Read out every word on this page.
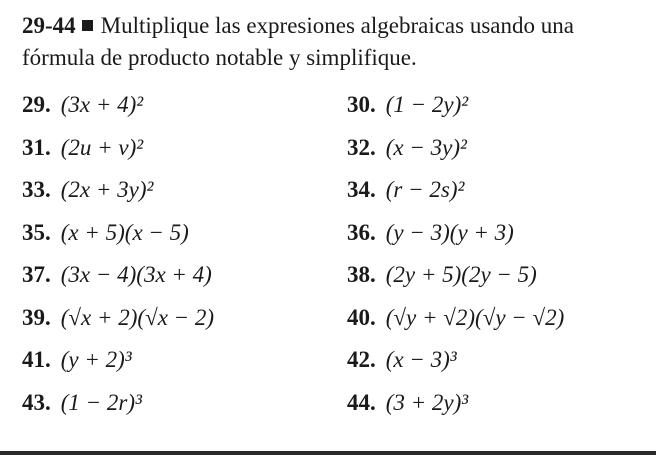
29-44 Multiplique las expresiones algebraicas usando una
fórmula de producto notable y simplifique.
29. (3x + 4)²	30. (1 − 2y)²
31. (2u + v)²	32. (x − 3y)²
33. (2x + 3y)²	34. (r − 2s)²
35. (x + 5)(x − 5)	36. (y − 3)(y + 3)
37. (3x − 4)(3x + 4)	38. (2y + 5)(2y − 5)
39. (√x + 2)(√x − 2)	40. (√y + √2)(√y − √2)
41. (y + 2)³	42. (x − 3)³
43. (1 − 2r)³	44. (3 + 2y)³
